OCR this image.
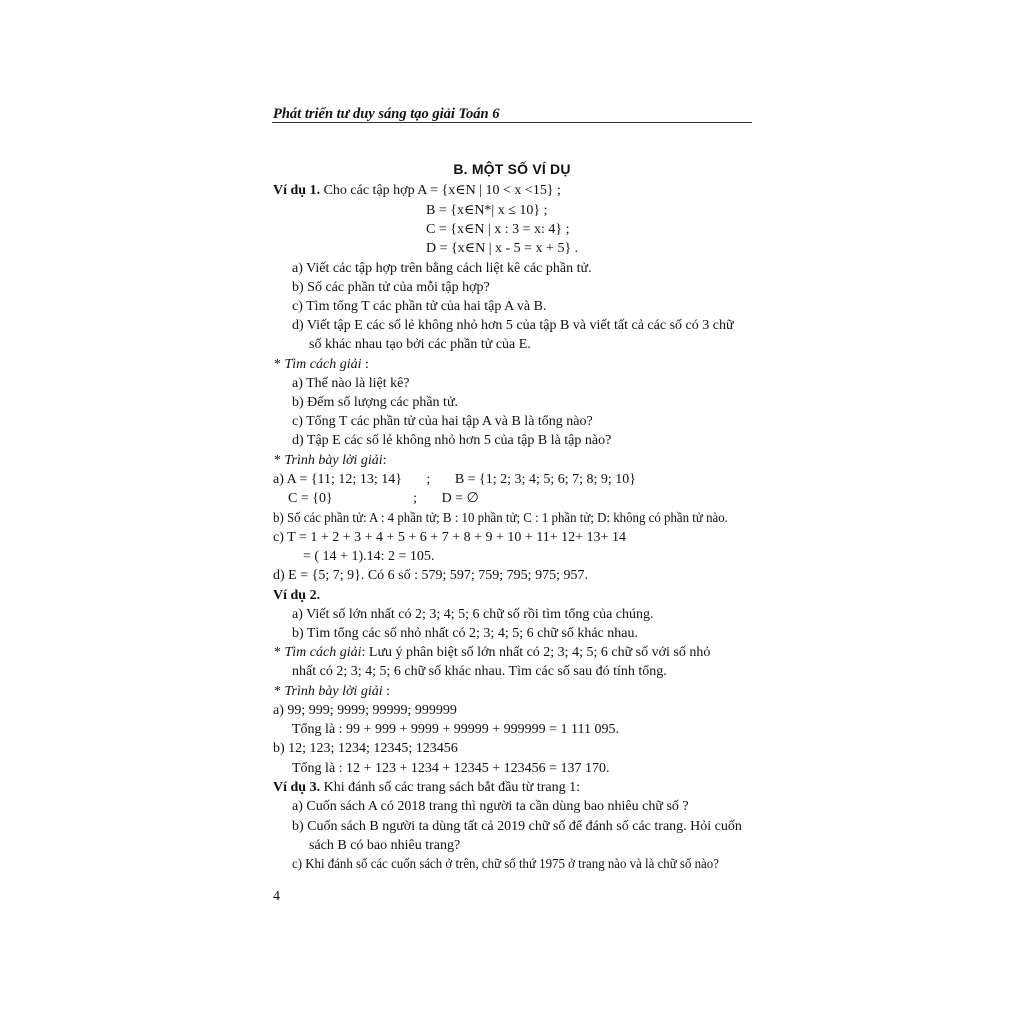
Phát triển tư duy sáng tạo giải Toán 6
B. MỘT SỐ VÍ DỤ
Ví dụ 1. Cho các tập hợp A = {x∈N | 10 < x <15} ;
B = {x∈N*| x ≤ 10} ;
C = {x∈N | x : 3 = x: 4} ;
D = {x∈N | x - 5 = x + 5} .
a) Viết các tập hợp trên bằng cách liệt kê các phần tử.
b) Số các phần tử của mỗi tập hợp?
c) Tìm tổng T các phần tử của hai tập A và B.
d) Viết tập E các số lẻ không nhỏ hơn 5 của tập B và viết tất cả các số có 3 chữ
số khác nhau tạo bởi các phần tử của E.
* Tìm cách giải :
a) Thế nào là liệt kê?
b) Đếm số lượng các phần tử.
c) Tổng T các phần tử của hai tập A và B là tổng nào?
d) Tập E các số lẻ không nhỏ hơn 5 của tập B là tập nào?
* Trình bày lời giải:
a) A = {11; 12; 13; 14}       ;       B = {1; 2; 3; 4; 5; 6; 7; 8; 9; 10}
C = {0}                       ;       D = ∅
b) Số các phần tử: A : 4 phần tử; B : 10 phần tử; C : 1 phần tử; D: không có phần tử nào.
c) T = 1 + 2 + 3 + 4 + 5 + 6 + 7 + 8 + 9 + 10 + 11+ 12+ 13+ 14
= ( 14 + 1).14: 2 = 105.
d) E = {5; 7; 9}. Có 6 số : 579; 597; 759; 795; 975; 957.
Ví dụ 2.
a) Viết số lớn nhất có 2; 3; 4; 5; 6 chữ số rồi tìm tổng của chúng.
b) Tìm tổng các số nhỏ nhất có 2; 3; 4; 5; 6 chữ số khác nhau.
* Tìm cách giải: Lưu ý phân biệt số lớn nhất có 2; 3; 4; 5; 6 chữ số với số nhỏ
nhất có 2; 3; 4; 5; 6 chữ số khác nhau. Tìm các số sau đó tính tổng.
* Trình bày lời giải :
a) 99; 999; 9999; 99999; 999999
Tổng là : 99 + 999 + 9999 + 99999 + 999999 = 1 111 095.
b) 12; 123; 1234; 12345; 123456
Tổng là : 12 + 123 + 1234 + 12345 + 123456 = 137 170.
Ví dụ 3. Khi đánh số các trang sách bắt đầu từ trang 1:
a) Cuốn sách A có 2018 trang thì người ta cần dùng bao nhiêu chữ số ?
b) Cuốn sách B người ta dùng tất cả 2019 chữ số để đánh số các trang. Hỏi cuốn
sách B có bao nhiêu trang?
c) Khi đánh số các cuốn sách ở trên, chữ số thứ 1975 ở trang nào và là chữ số nào?
4
